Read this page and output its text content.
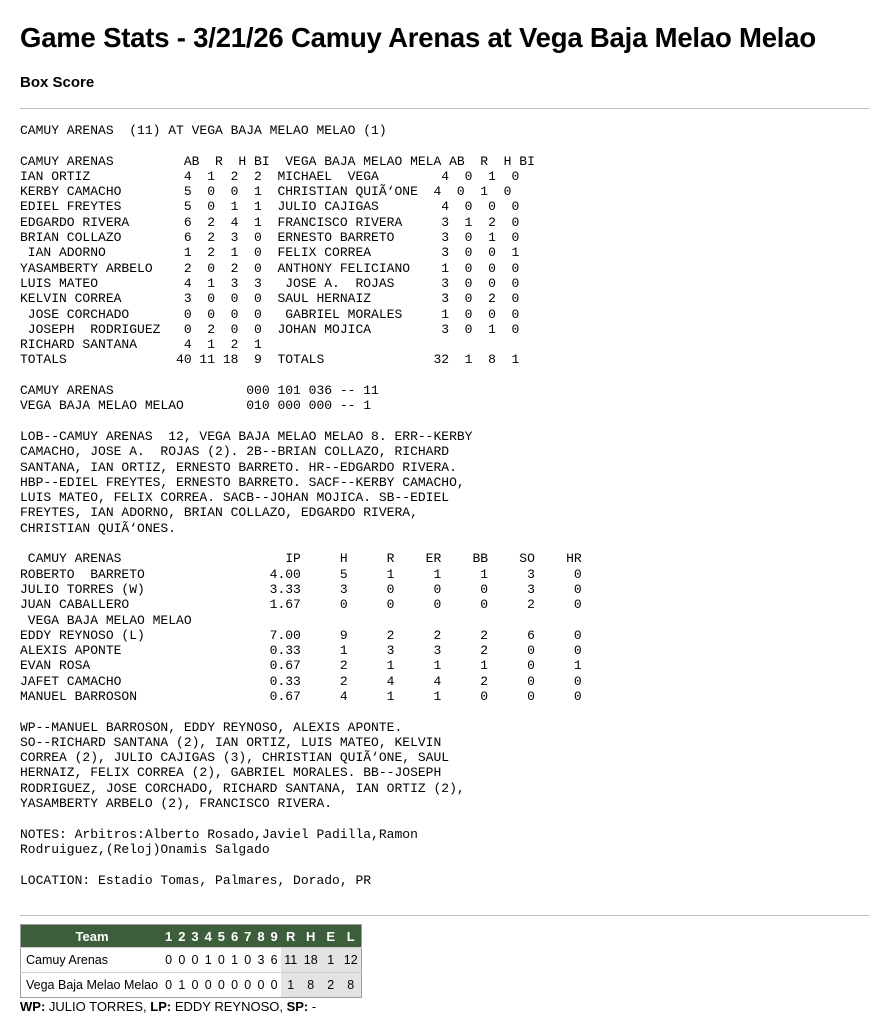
Game Stats - 3/21/26 Camuy Arenas at Vega Baja Melao Melao
Box Score
CAMUY ARENAS  (11) AT VEGA BAJA MELAO MELAO (1)

CAMUY ARENAS         AB  R  H BI  VEGA BAJA MELAO MELA AB  R  H BI
IAN ORTIZ            4  1  2  2  MICHAEL  VEGA        4  0  1  0
KERBY CAMACHO        5  0  0  1  CHRISTIAN QUIÃ‘ONE  4  0  1  0
EDIEL FREYTES        5  0  1  1  JULIO CAJIGAS        4  0  0  0
EDGARDO RIVERA       6  2  4  1  FRANCISCO RIVERA     3  1  2  0
BRIAN COLLAZO        6  2  3  0  ERNESTO BARRETO      3  0  1  0
IAN ADORNO          1  2  1  0  FELIX CORREA         3  0  0  1
YASAMBERTY ARBELO    2  0  2  0  ANTHONY FELICIANO    1  0  0  0
LUIS MATEO           4  1  3  3   JOSE A.  ROJAS      3  0  0  0
KELVIN CORREA        3  0  0  0  SAUL HERNAIZ         3  0  2  0
JOSE CORCHADO       0  0  0  0   GABRIEL MORALES     1  0  0  0
JOSEPH  RODRIGUEZ   0  2  0  0  JOHAN MOJICA         3  0  1  0
RICHARD SANTANA      4  1  2  1
TOTALS              40 11 18  9  TOTALS              32  1  8  1

CAMUY ARENAS                 000 101 036 -- 11
VEGA BAJA MELAO MELAO        010 000 000 -- 1

LOB--CAMUY ARENAS  12, VEGA BAJA MELAO MELAO 8. ERR--KERBY
CAMACHO, JOSE A.  ROJAS (2). 2B--BRIAN COLLAZO, RICHARD
SANTANA, IAN ORTIZ, ERNESTO BARRETO. HR--EDGARDO RIVERA.
HBP--EDIEL FREYTES, ERNESTO BARRETO. SACF--KERBY CAMACHO,
LUIS MATEO, FELIX CORREA. SACB--JOHAN MOJICA. SB--EDIEL
FREYTES, IAN ADORNO, BRIAN COLLAZO, EDGARDO RIVERA,
CHRISTIAN QUIÃ‘ONES.

CAMUY ARENAS                     IP     H     R    ER    BB    SO    HR
ROBERTO  BARRETO                4.00     5     1     1     1     3     0
JULIO TORRES (W)                3.33     3     0     0     0     3     0
JUAN CABALLERO                  1.67     0     0     0     0     2     0
VEGA BAJA MELAO MELAO
EDDY REYNOSO (L)                7.00     9     2     2     2     6     0
ALEXIS APONTE                   0.33     1     3     3     2     0     0
EVAN ROSA                       0.67     2     1     1     1     0     1
JAFET CAMACHO                   0.33     2     4     4     2     0     0
MANUEL BARROSON                 0.67     4     1     1     0     0     0

WP--MANUEL BARROSON, EDDY REYNOSO, ALEXIS APONTE.
SO--RICHARD SANTANA (2), IAN ORTIZ, LUIS MATEO, KELVIN
CORREA (2), JULIO CAJIGAS (3), CHRISTIAN QUIÃ‘ONE, SAUL
HERNAIZ, FELIX CORREA (2), GABRIEL MORALES. BB--JOSEPH
RODRIGUEZ, JOSE CORCHADO, RICHARD SANTANA, IAN ORTIZ (2),
YASAMBERTY ARBELO (2), FRANCISCO RIVERA.

NOTES: Arbitros:Alberto Rosado,Javiel Padilla,Ramon
Rodruiguez,(Reloj)Onamis Salgado

LOCATION: Estadio Tomas, Palmares, Dorado, PR

Team	1	2	3	4	5	6	7	8	9	R	H	E	L
Camuy Arenas	0	0	0	1	0	1	0	3	6	11	18	1	12
Vega Baja Melao Melao	0	1	0	0	0	0	0	0	0	1	8	2	8
WP: JULIO TORRES, LP: EDDY REYNOSO, SP: -
